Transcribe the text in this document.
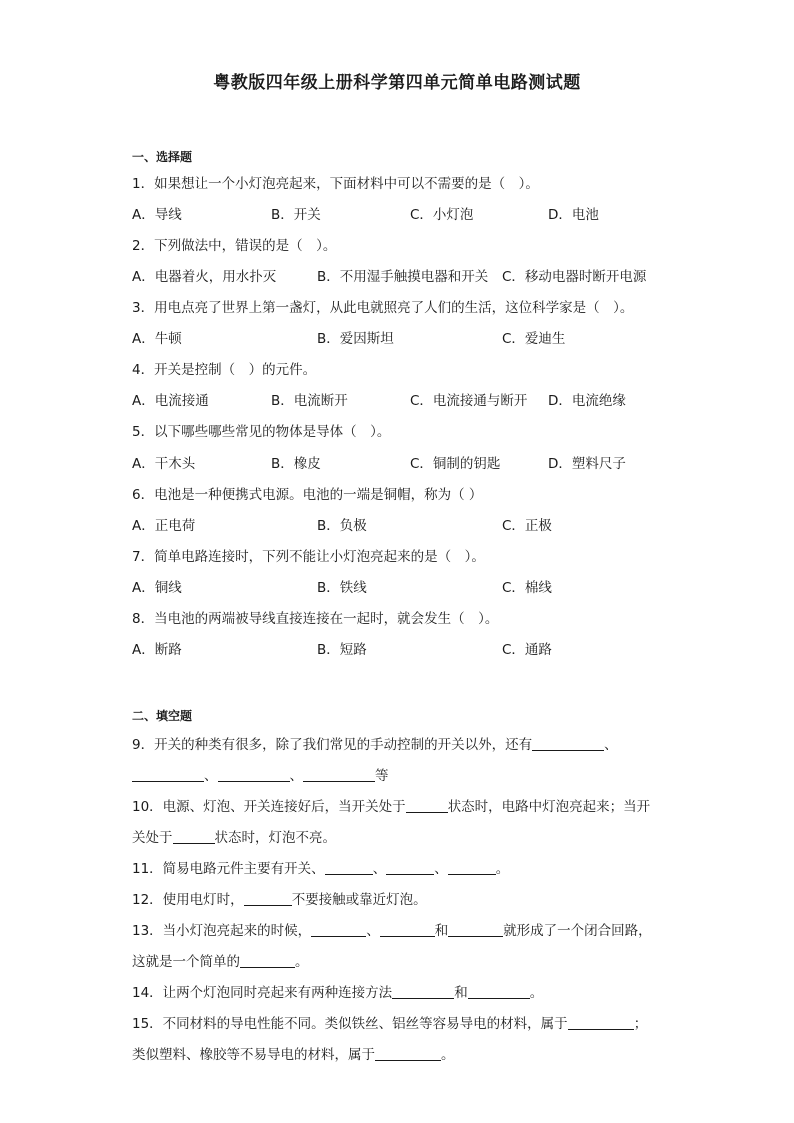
粤教版四年级上册科学第四单元简单电路测试题
一、选择题
1．如果想让一个小灯泡亮起来，下面材料中可以不需要的是（　）。
A．导线	B．开关	C．小灯泡	D．电池
2．下列做法中，错误的是（　）。
A．电器着火，用水扑灭	B．不用湿手触摸电器和开关 C．移动电器时断开电源
3．用电点亮了世界上第一盏灯，从此电就照亮了人们的生活，这位科学家是（　）。
A．牛顿	B．爱因斯坦	C．爱迪生
4．开关是控制（　）的元件。
A．电流接通	B．电流断开	C．电流接通与断开 D．电流绝缘
5．以下哪些哪些常见的物体是导体（　）。
A．干木头	B．橡皮	C．铜制的钥匙	D．塑料尺子
6．电池是一种便携式电源。电池的一端是铜帽，称为（ ）
A．正电荷	B．负极	C．正极
7．简单电路连接时，下列不能让小灯泡亮起来的是（　）。
A．铜线	B．铁线	C．棉线
8．当电池的两端被导线直接连接在一起时，就会发生（　）。
A．断路	B．短路	C．通路
二、填空题
9．开关的种类有很多，除了我们常见的手动控制的开关以外，还有	、
、	、	等
10．电源、灯泡、开关连接好后，当开关处于	状态时，电路中灯泡亮起来；当开
关处于	状态时，灯泡不亮。
11．简易电路元件主要有开关、	、	、	。
12．使用电灯时，	不要接触或靠近灯泡。
13．当小灯泡亮起来的时候，	、	和	就形成了一个闭合回路，
这就是一个简单的	。
14．让两个灯泡同时亮起来有两种连接方法	和	。
15．不同材料的导电性能不同。类似铁丝、铝丝等容易导电的材料，属于	；
类似塑料、橡胶等不易导电的材料，属于	。
